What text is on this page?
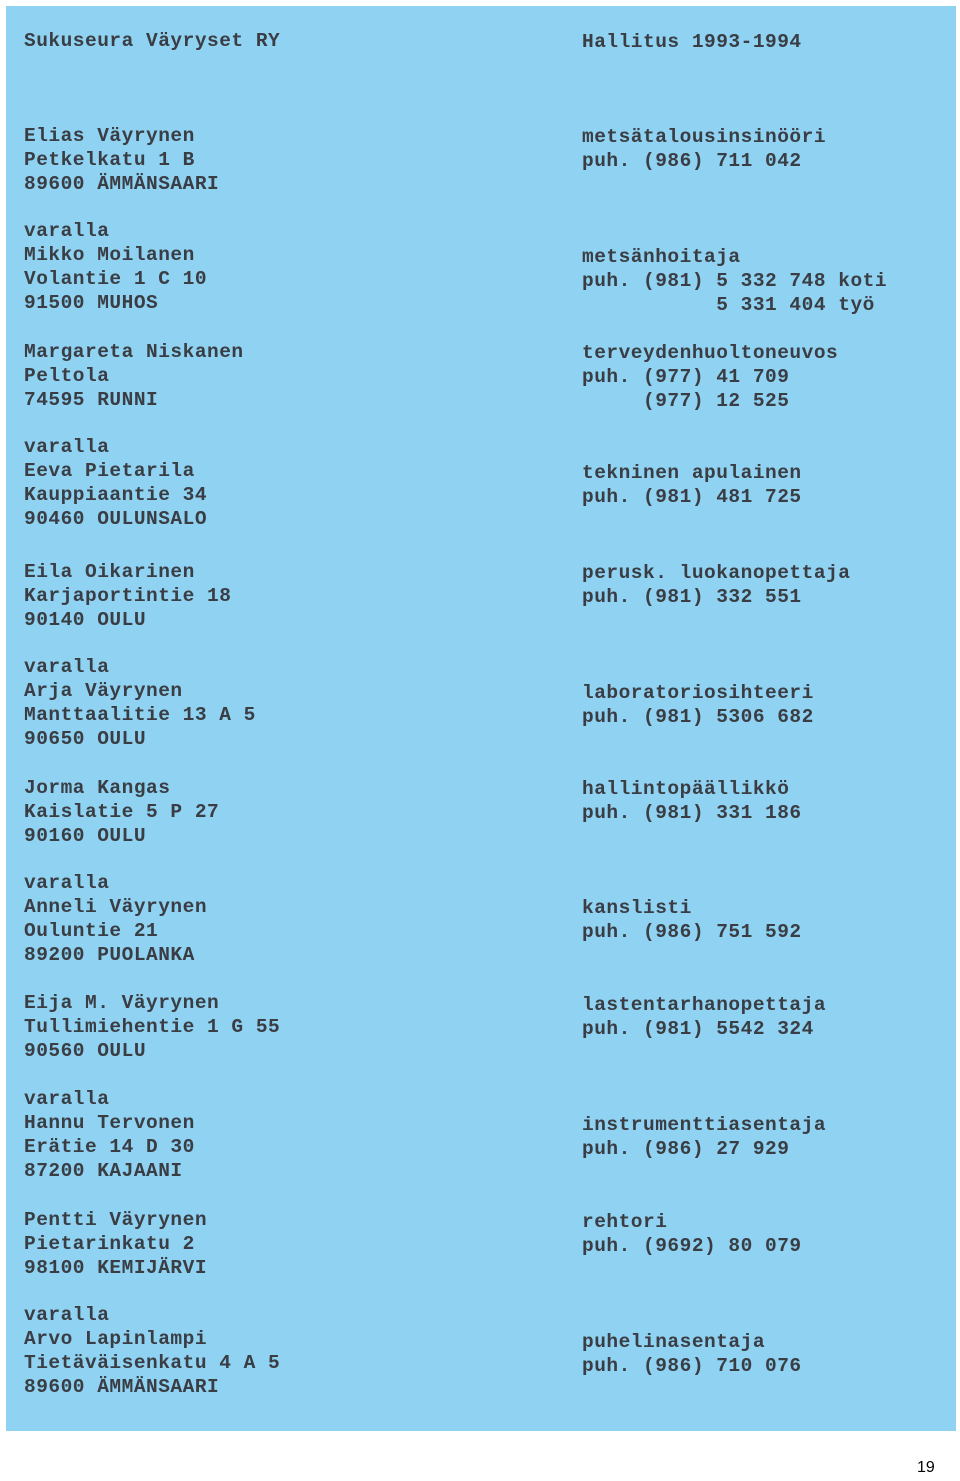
Sukuseura Väyryset RY	Hallitus 1993-1994
Elias Väyrynen
Petkelkatu 1 B
89600 ÄMMÄNSAARI
metsätalousinsinööri
puh. (986) 711 042
varalla
Mikko Moilanen
Volantie 1 C 10
91500 MUHOS
metsänhoitaja
puh. (981) 5 332 748 koti
5 331 404 työ
Margareta Niskanen
Peltola
74595 RUNNI
terveydenhuoltoneuvos
puh. (977) 41 709
(977) 12 525
varalla
Eeva Pietarila
Kauppiaantie 34
90460 OULUNSALO
tekninen apulainen
puh. (981) 481 725
Eila Oikarinen
Karjaportintie 18
90140 OULU
perusk. luokanopettaja
puh. (981) 332 551
varalla
Arja Väyrynen
Manttaalitie 13 A 5
90650 OULU
laboratoriosihteeri
puh. (981) 5306 682
Jorma Kangas
Kaislatie 5 P 27
90160 OULU
hallintopäällikkö
puh. (981) 331 186
varalla
Anneli Väyrynen
Ouluntie 21
89200 PUOLANKA
kanslisti
puh. (986) 751 592
Eija M. Väyrynen
Tullimiehentie 1 G 55
90560 OULU
lastentarhanopettaja
puh. (981) 5542 324
varalla
Hannu Tervonen
Erätie 14 D 30
87200 KAJAANI
instrumenttiasentaja
puh. (986) 27 929
Pentti Väyrynen
Pietarinkatu 2
98100 KEMIJÄRVI
rehtori
puh. (9692) 80 079
varalla
Arvo Lapinlampi
Tietäväisenkatu 4 A 5
89600 ÄMMÄNSAARI
puhelinasentaja
puh. (986) 710 076
19
